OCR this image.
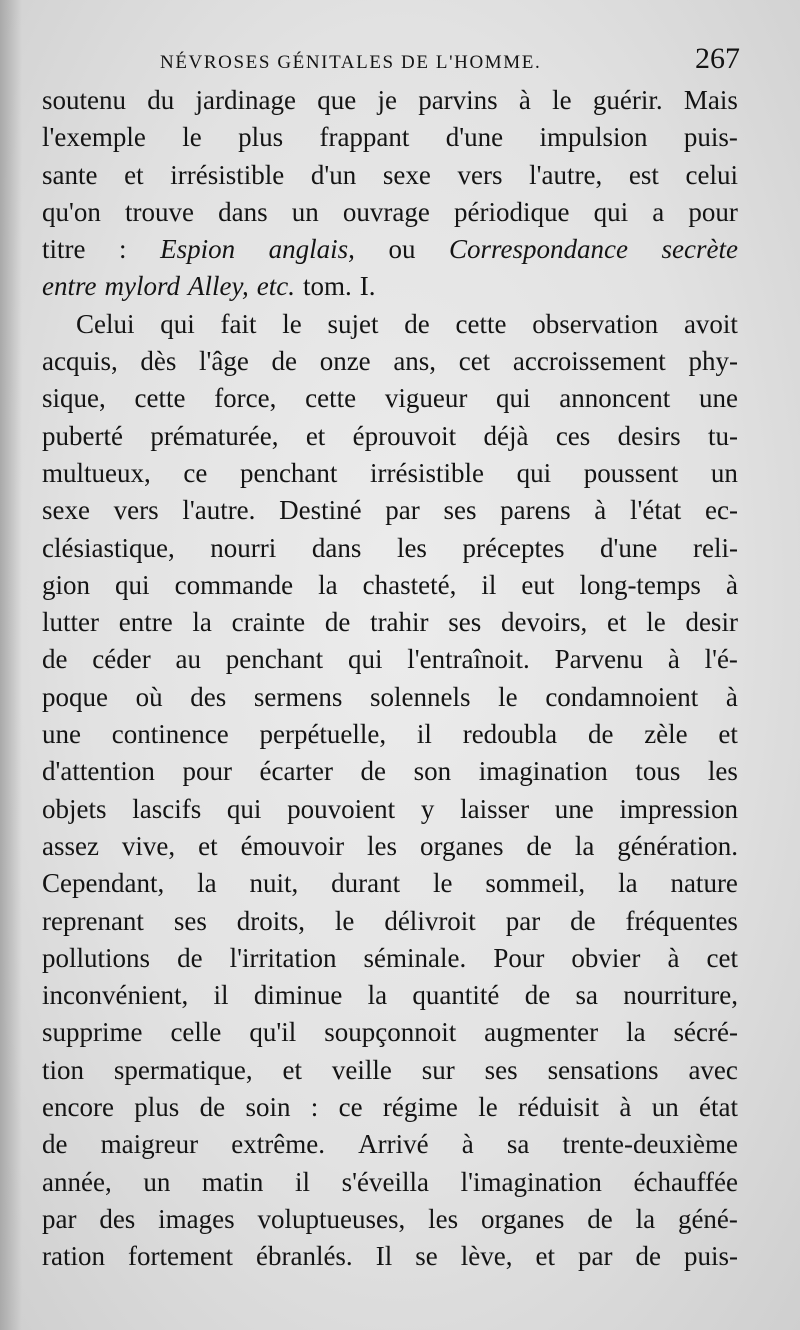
NÉVROSES GÉNITALES DE L'HOMME.	267
soutenu du jardinage que je parvins à le guérir. Mais
l'exemple le plus frappant d'une impulsion puis-
sante et irrésistible d'un sexe vers l'autre, est celui
qu'on trouve dans un ouvrage périodique qui a pour
titre : Espion anglais, ou Correspondance secrète
entre mylord Alley, etc. tom. I.
Celui qui fait le sujet de cette observation avoit
acquis, dès l'âge de onze ans, cet accroissement phy-
sique, cette force, cette vigueur qui annoncent une
puberté prématurée, et éprouvoit déjà ces desirs tu-
multueux, ce penchant irrésistible qui poussent un
sexe vers l'autre. Destiné par ses parens à l'état ec-
clésiastique, nourri dans les préceptes d'une reli-
gion qui commande la chasteté, il eut long-temps à
lutter entre la crainte de trahir ses devoirs, et le desir
de céder au penchant qui l'entraînoit. Parvenu à l'é-
poque où des sermens solennels le condamnoient à
une continence perpétuelle, il redoubla de zèle et
d'attention pour écarter de son imagination tous les
objets lascifs qui pouvoient y laisser une impression
assez vive, et émouvoir les organes de la génération.
Cependant, la nuit, durant le sommeil, la nature
reprenant ses droits, le délivroit par de fréquentes
pollutions de l'irritation séminale. Pour obvier à cet
inconvénient, il diminue la quantité de sa nourriture,
supprime celle qu'il soupçonnoit augmenter la sécré-
tion spermatique, et veille sur ses sensations avec
encore plus de soin : ce régime le réduisit à un état
de maigreur extrême. Arrivé à sa trente-deuxième
année, un matin il s'éveilla l'imagination échauffée
par des images voluptueuses, les organes de la géné-
ration fortement ébranlés. Il se lève, et par de puis-
